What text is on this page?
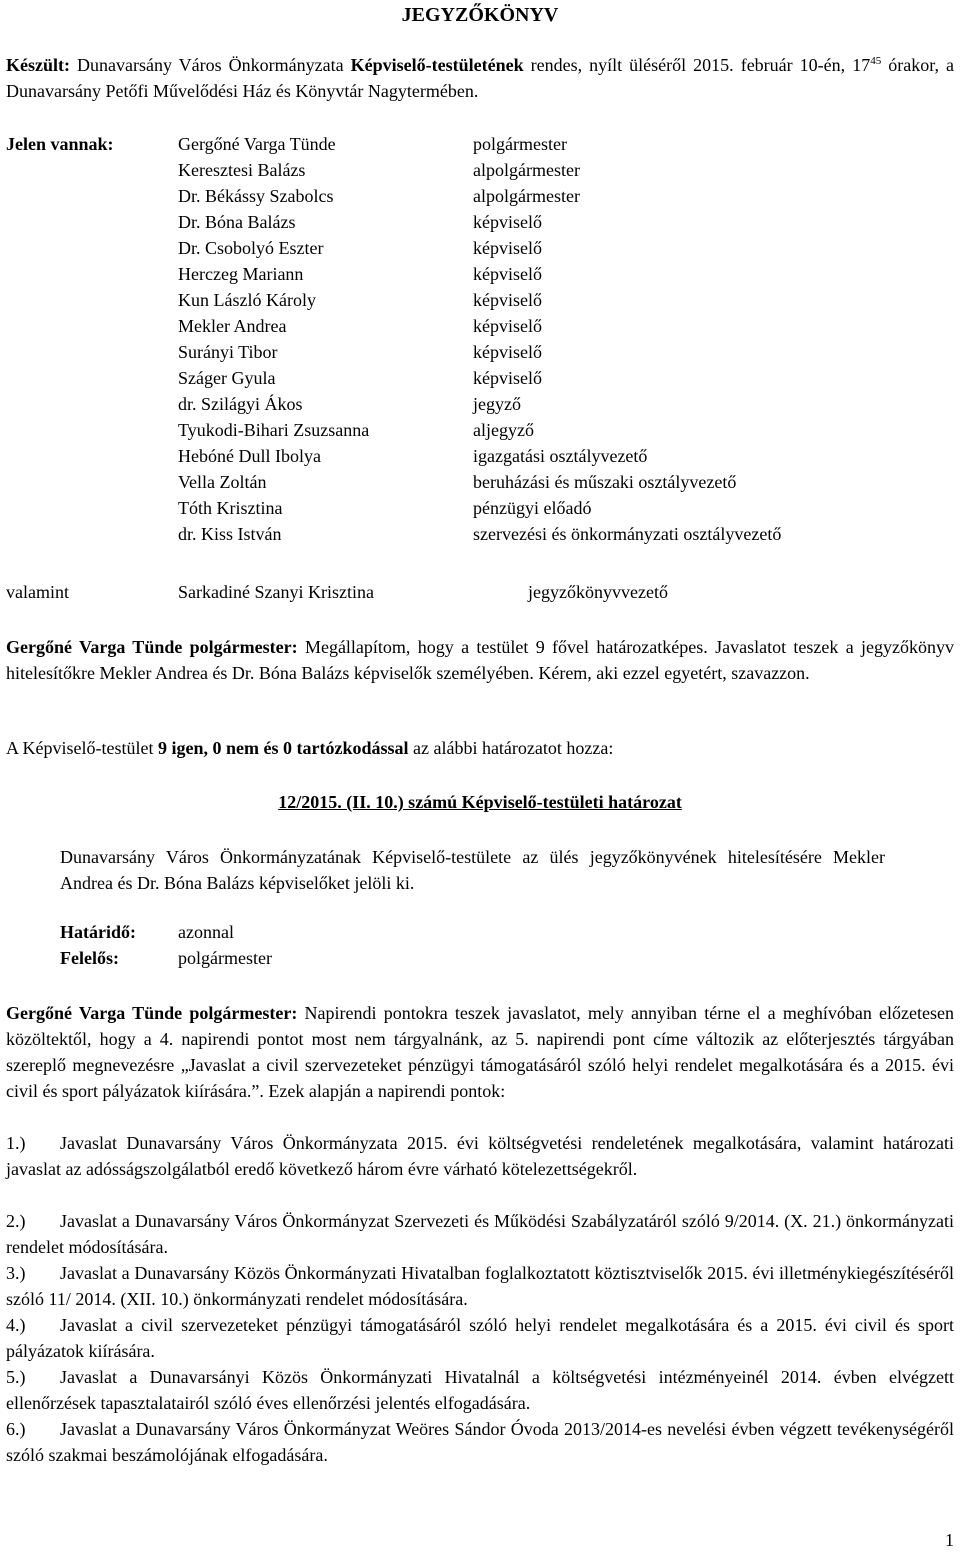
JEGYZŐKÖNYV
Készült: Dunavarsány Város Önkormányzata Képviselő-testületének rendes, nyílt üléséről 2015. február 10-én, $17^{45}$ órakor, a Dunavarsány Petőfi Művelődési Ház és Könyvtár Nagytermében.
Jelen vannak:	Gergőné Varga Tünde	polgármester
Keresztesi Balázs	alpolgármester
Dr. Békássy Szabolcs	alpolgármester
Dr. Bóna Balázs	képviselő
Dr. Csobolyó Eszter	képviselő
Herczeg Mariann	képviselő
Kun László Károly	képviselő
Mekler Andrea	képviselő
Surányi Tibor	képviselő
Száger Gyula	képviselő
dr. Szilágyi Ákos	jegyző
Tyukodi-Bihari Zsuzsanna	aljegyző
Hebóné Dull Ibolya	igazgatási osztályvezető
Vella Zoltán	beruházási és műszaki osztályvezető
Tóth Krisztina	pénzügyi előadó
dr. Kiss István	szervezési és önkormányzati osztályvezető
valamint	Sarkadiné Szanyi Krisztina	jegyzőkönyvvezető
Gergőné Varga Tünde polgármester: Megállapítom, hogy a testület 9 fővel határozatképes. Javaslatot teszek a jegyzőkönyv hitelesítőkre Mekler Andrea és Dr. Bóna Balázs képviselők személyében. Kérem, aki ezzel egyetért, szavazzon.
A Képviselő-testület 9 igen, 0 nem és 0 tartózkodással az alábbi határozatot hozza:
12/2015. (II. 10.) számú Képviselő-testületi határozat
Dunavarsány Város Önkormányzatának Képviselő-testülete az ülés jegyzőkönyvének hitelesítésére Mekler Andrea és Dr. Bóna Balázs képviselőket jelöli ki.
Határidő: azonnal
Felelős:	polgármester
Gergőné Varga Tünde polgármester: Napirendi pontokra teszek javaslatot, mely annyiban térne el a meghívóban előzetesen közöltektől, hogy a 4. napirendi pontot most nem tárgyalnánk, az 5. napirendi pont címe változik az előterjesztés tárgyában szereplő megnevezésre „Javaslat a civil szervezeteket pénzügyi támogatásáról szóló helyi rendelet megalkotására és a 2015. évi civil és sport pályázatok kiírására.”. Ezek alapján a napirendi pontok:
1.) Javaslat Dunavarsány Város Önkormányzata 2015. évi költségvetési rendeletének megalkotására, valamint határozati javaslat az adósságszolgálatból eredő következő három évre várható kötelezettségekről.
2.) Javaslat a Dunavarsány Város Önkormányzat Szervezeti és Működési Szabályzatáról szóló 9/2014. (X. 21.) önkormányzati rendelet módosítására.
3.) Javaslat a Dunavarsány Közös Önkormányzati Hivatalban foglalkoztatott köztisztviselők 2015. évi illetménykiegészítéséről szóló 11/ 2014. (XII. 10.) önkormányzati rendelet módosítására.
4.) Javaslat a civil szervezeteket pénzügyi támogatásáról szóló helyi rendelet megalkotására és a 2015. évi civil és sport pályázatok kiírására.
5.) Javaslat a Dunavarsányi Közös Önkormányzati Hivatalnál a költségvetési intézményeinél 2014. évben elvégzett ellenőrzések tapasztalatairól szóló éves ellenőrzési jelentés elfogadására.
6.) Javaslat a Dunavarsány Város Önkormányzat Weöres Sándor Óvoda 2013/2014-es nevelési évben végzett tevékenységéről szóló szakmai beszámolójának elfogadására.
1
